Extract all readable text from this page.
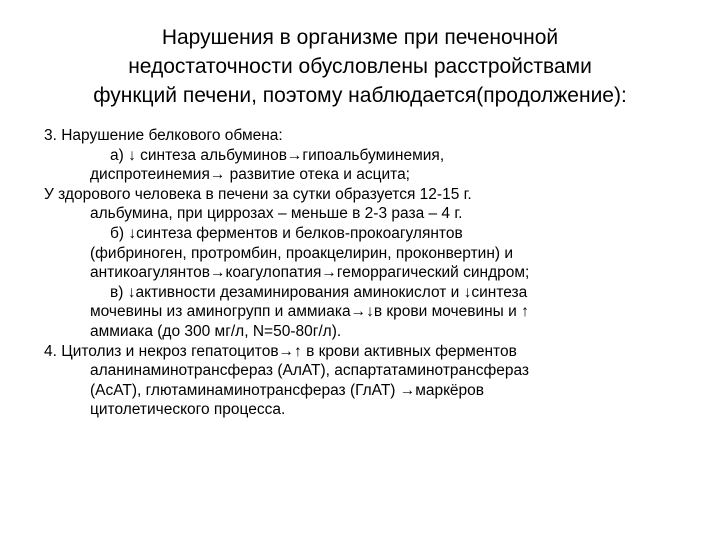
Нарушения в организме при печеночной
недостаточности обусловлены расстройствами
функций печени, поэтому наблюдается(продолжение):
3. Нарушение белкового обмена:
а) ↓ синтеза альбуминов→гипоальбуминемия,
диспротеинемия→ развитие отека и асцита;
У здорового человека в печени за сутки образуется 12-15 г.
альбумина, при циррозах – меньше в 2-3 раза – 4 г.
б) ↓синтеза ферментов и белков-прокоагулянтов
(фибриноген, протромбин, проакцелирин, проконвертин) и
антикоагулянтов→коагулопатия→геморрагический синдром;
в) ↓активности дезаминирования аминокислот и ↓синтеза
мочевины из аминогрупп и аммиака→↓в крови мочевины и ↑
аммиака (до 300 мг/л, N=50-80г/л).
4. Цитолиз и некроз гепатоцитов→↑ в крови активных ферментов
аланинаминотрансфераз (АлАТ), аспартатаминотрансфераз
(АсАТ), глютаминаминотрансфераз (ГлАТ) →маркёров
цитолетического процесса.
